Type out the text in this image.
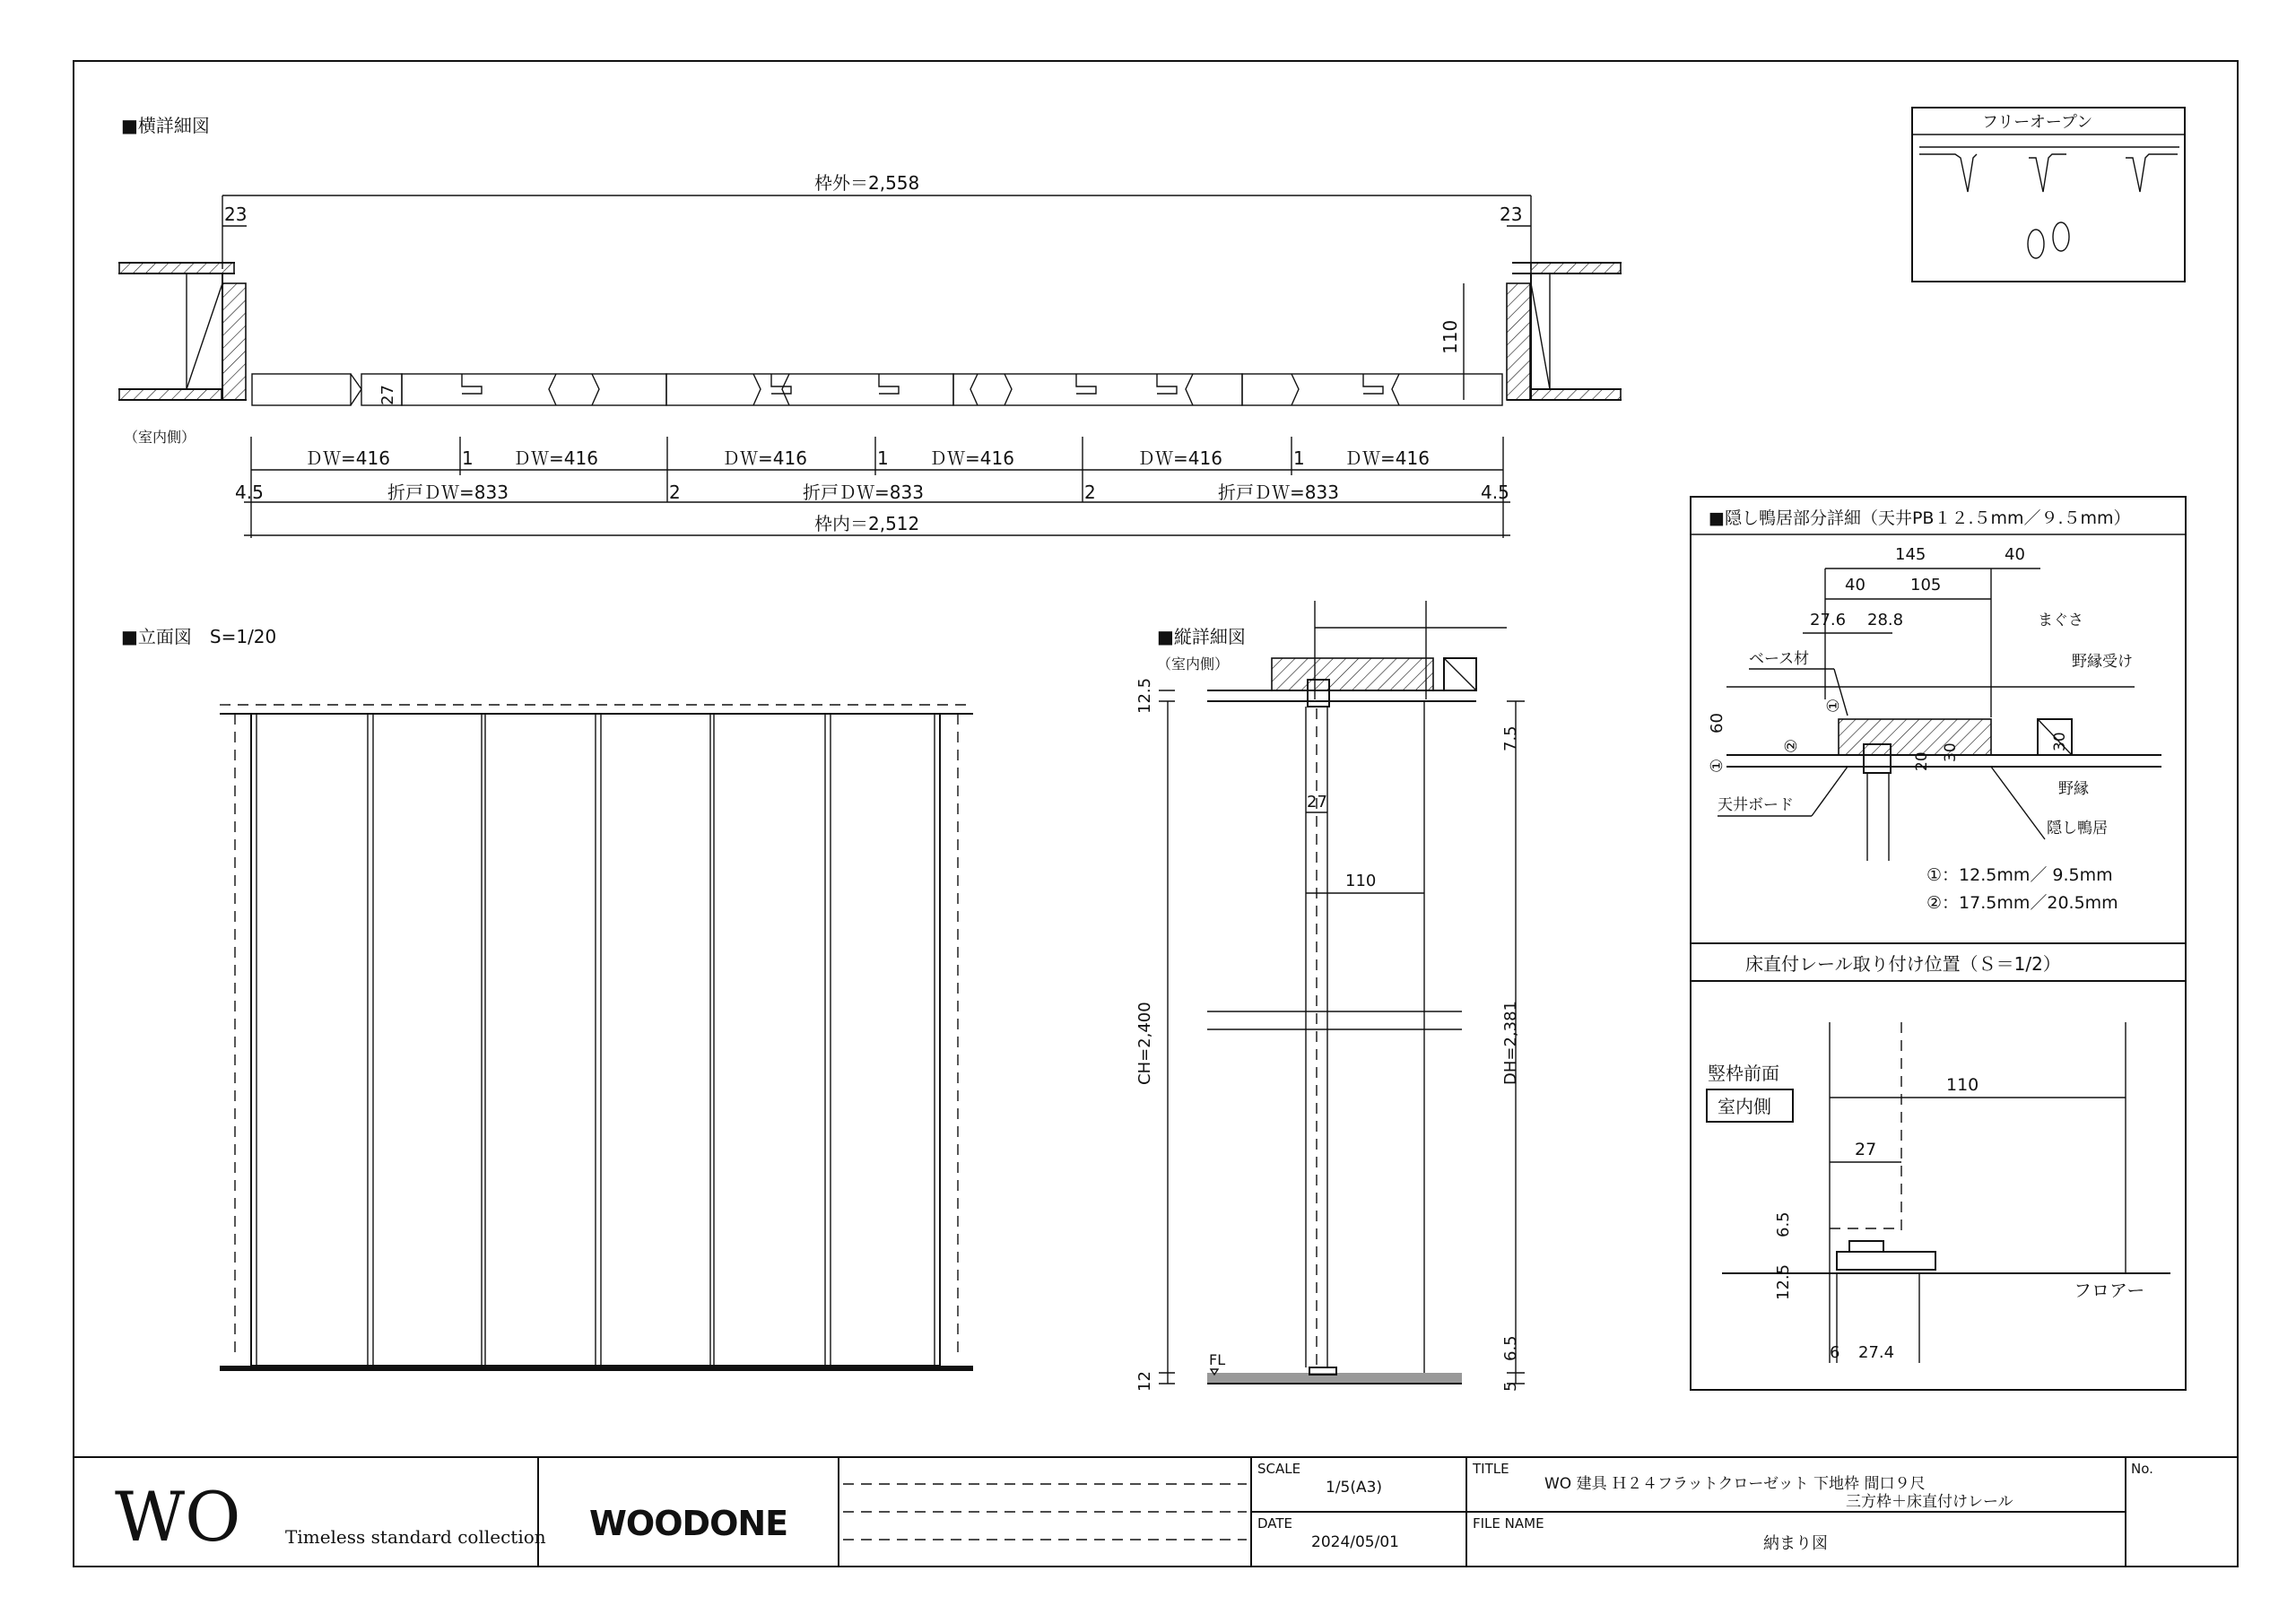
■横詳細図
枠外＝2,558
23	23
110
27
（室内側）
ＤＷ=416	1 ＤＷ=416	ＤＷ=416	1 ＤＷ=416	ＤＷ=416	1 ＤＷ=416
4.5	折戸ＤＷ=833	2	折戸ＤＷ=833	2	折戸ＤＷ=833	4.5
枠内＝2,512
■立面図　S=1/20	■縦詳細図
（室内側）
12.5
7.5
27
110
CH=2,400	DH=2,381
6.5
12	5
FL
フリーオープン
■隠し鴨居部分詳細（天井PB１２.５mm／９.５mm）
145	40
40	105
27.6 28.8	まぐさ
野縁受け
ベース材
①
②
①
60
20 30
30
野縁
天井ボード
隠し鴨居
①：12.5mm／ 9.5mm
②：17.5mm／20.5mm
床直付レール取り付け位置（Ｓ＝1/2）
竪枠前面
室内側
110
27
フロアー
6.5
12.5
6 27.4
WO Timeless standard collection WOODONE
SCALE
1/5(A3)
DATE
2024/05/01
TITLE
WO 建具 Ｈ２４フラットクローゼット 下地枠 間口９尺
三方枠＋床直付けレール
FILE NAME
納まり図
No.
